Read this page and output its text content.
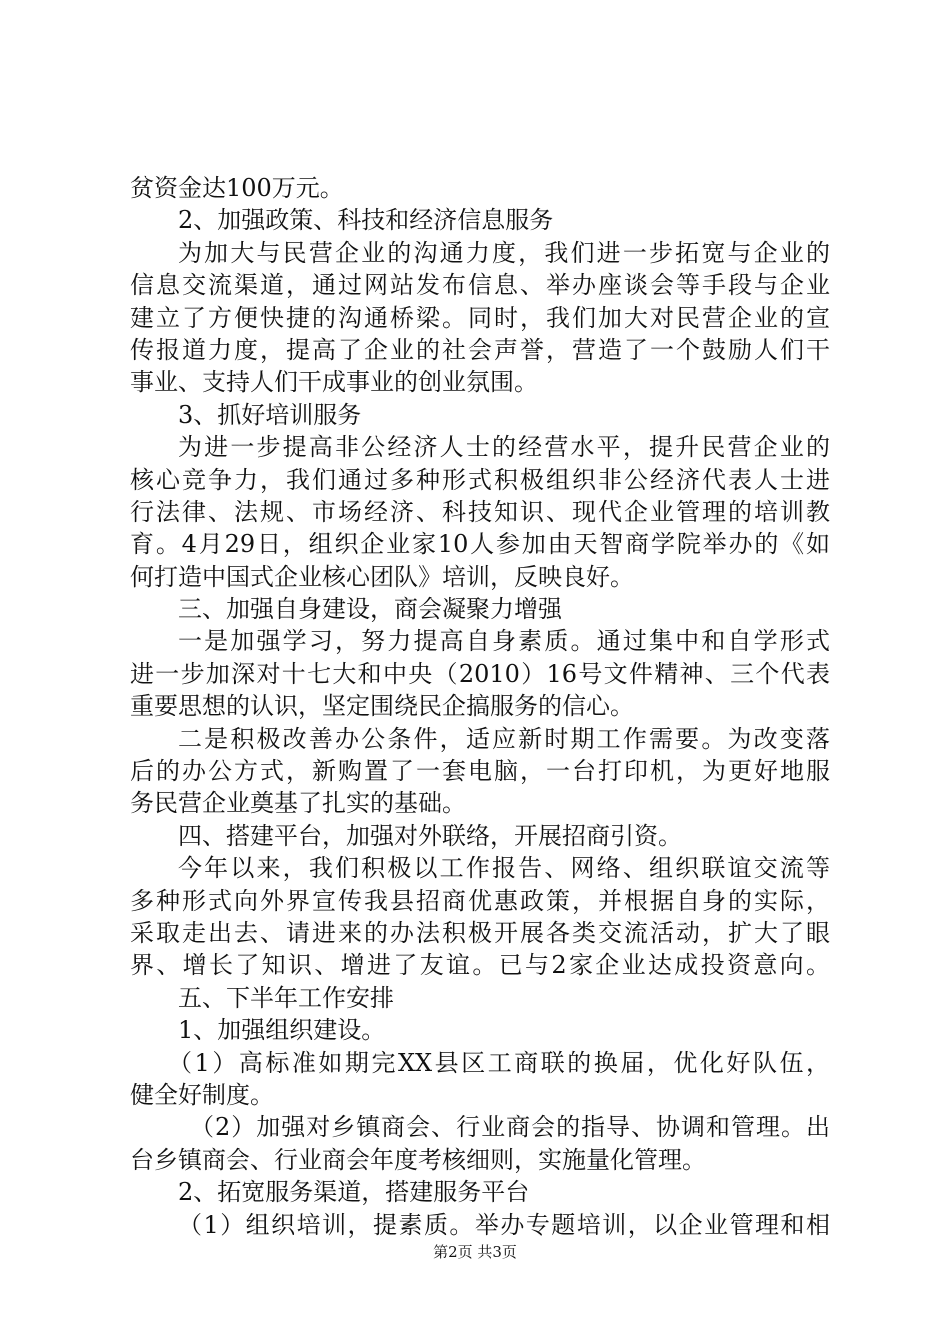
贫资金达100万元。
2、加强政策、科技和经济信息服务
为加大与民营企业的沟通力度，我们进一步拓宽与企业的
信息交流渠道，通过网站发布信息、举办座谈会等手段与企业
建立了方便快捷的沟通桥梁。同时，我们加大对民营企业的宣
传报道力度，提高了企业的社会声誉，营造了一个鼓励人们干
事业、支持人们干成事业的创业氛围。
3、抓好培训服务
为进一步提高非公经济人士的经营水平，提升民营企业的
核心竞争力，我们通过多种形式积极组织非公经济代表人士进
行法律、法规、市场经济、科技知识、现代企业管理的培训教
育。4月29日，组织企业家10人参加由天智商学院举办的《如
何打造中国式企业核心团队》培训，反映良好。
三、加强自身建设，商会凝聚力增强
一是加强学习，努力提高自身素质。通过集中和自学形式
进一步加深对十七大和中央（2010）16号文件精神、三个代表
重要思想的认识，坚定围绕民企搞服务的信心。
二是积极改善办公条件，适应新时期工作需要。为改变落
后的办公方式，新购置了一套电脑，一台打印机，为更好地服
务民营企业奠基了扎实的基础。
四、搭建平台，加强对外联络，开展招商引资。
今年以来，我们积极以工作报告、网络、组织联谊交流等
多种形式向外界宣传我县招商优惠政策，并根据自身的实际，
采取走出去、请进来的办法积极开展各类交流活动，扩大了眼
界、增长了知识、增进了友谊。已与2家企业达成投资意向。
五、下半年工作安排
1、加强组织建设。
（1）高标准如期完XX县区工商联的换届，优化好队伍，
健全好制度。
（2）加强对乡镇商会、行业商会的指导、协调和管理。出
台乡镇商会、行业商会年度考核细则，实施量化管理。
2、拓宽服务渠道，搭建服务平台
（1）组织培训，提素质。举办专题培训，以企业管理和相
第2页 共3页
